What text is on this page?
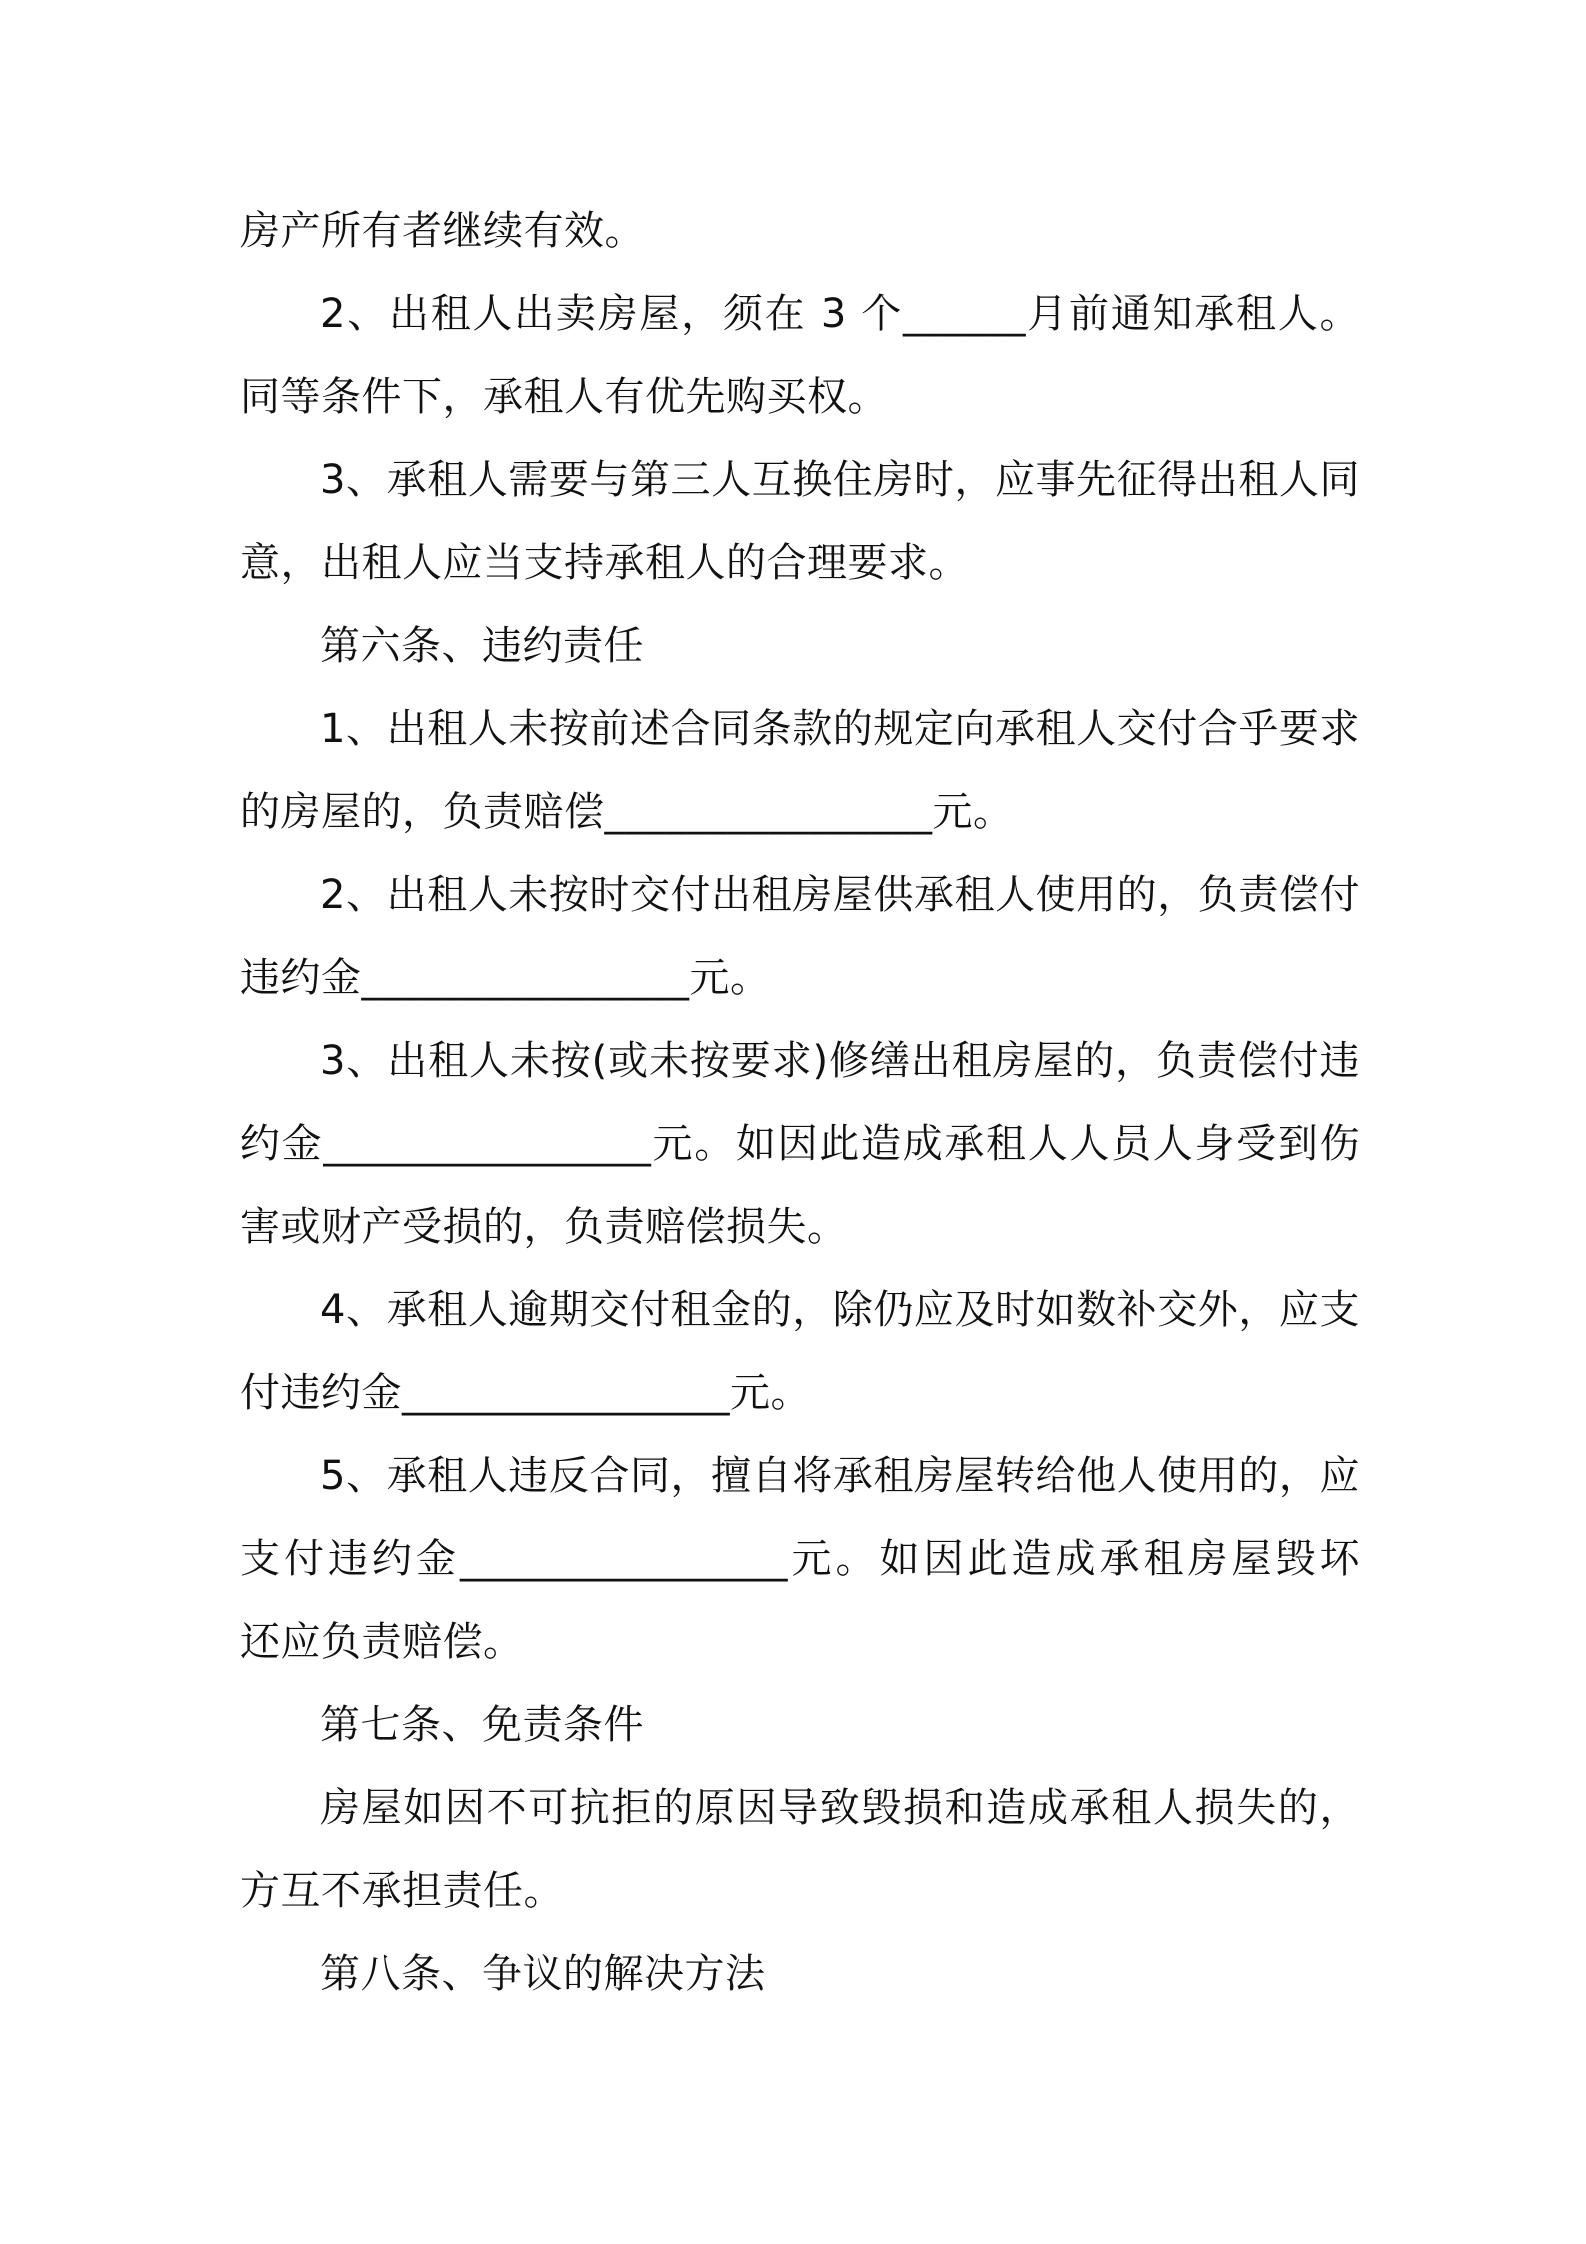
房产所有者继续有效。
2、出租人出卖房屋，须在 3 个______月前通知承租人。
同等条件下，承租人有优先购买权。
3、承租人需要与第三人互换住房时，应事先征得出租人同
意，出租人应当支持承租人的合理要求。
第六条、违约责任
1、出租人未按前述合同条款的规定向承租人交付合乎要求
的房屋的，负责赔偿________________元。
2、出租人未按时交付出租房屋供承租人使用的，负责偿付
违约金________________元。
3、出租人未按(或未按要求)修缮出租房屋的，负责偿付违
约金________________元。如因此造成承租人人员人身受到伤
害或财产受损的，负责赔偿损失。
4、承租人逾期交付租金的，除仍应及时如数补交外，应支
付违约金________________元。
5、承租人违反合同，擅自将承租房屋转给他人使用的，应
支付违约金________________元。如因此造成承租房屋毁坏
还应负责赔偿。
第七条、免责条件
房屋如因不可抗拒的原因导致毁损和造成承租人损失的，
方互不承担责任。
第八条、争议的解决方法
